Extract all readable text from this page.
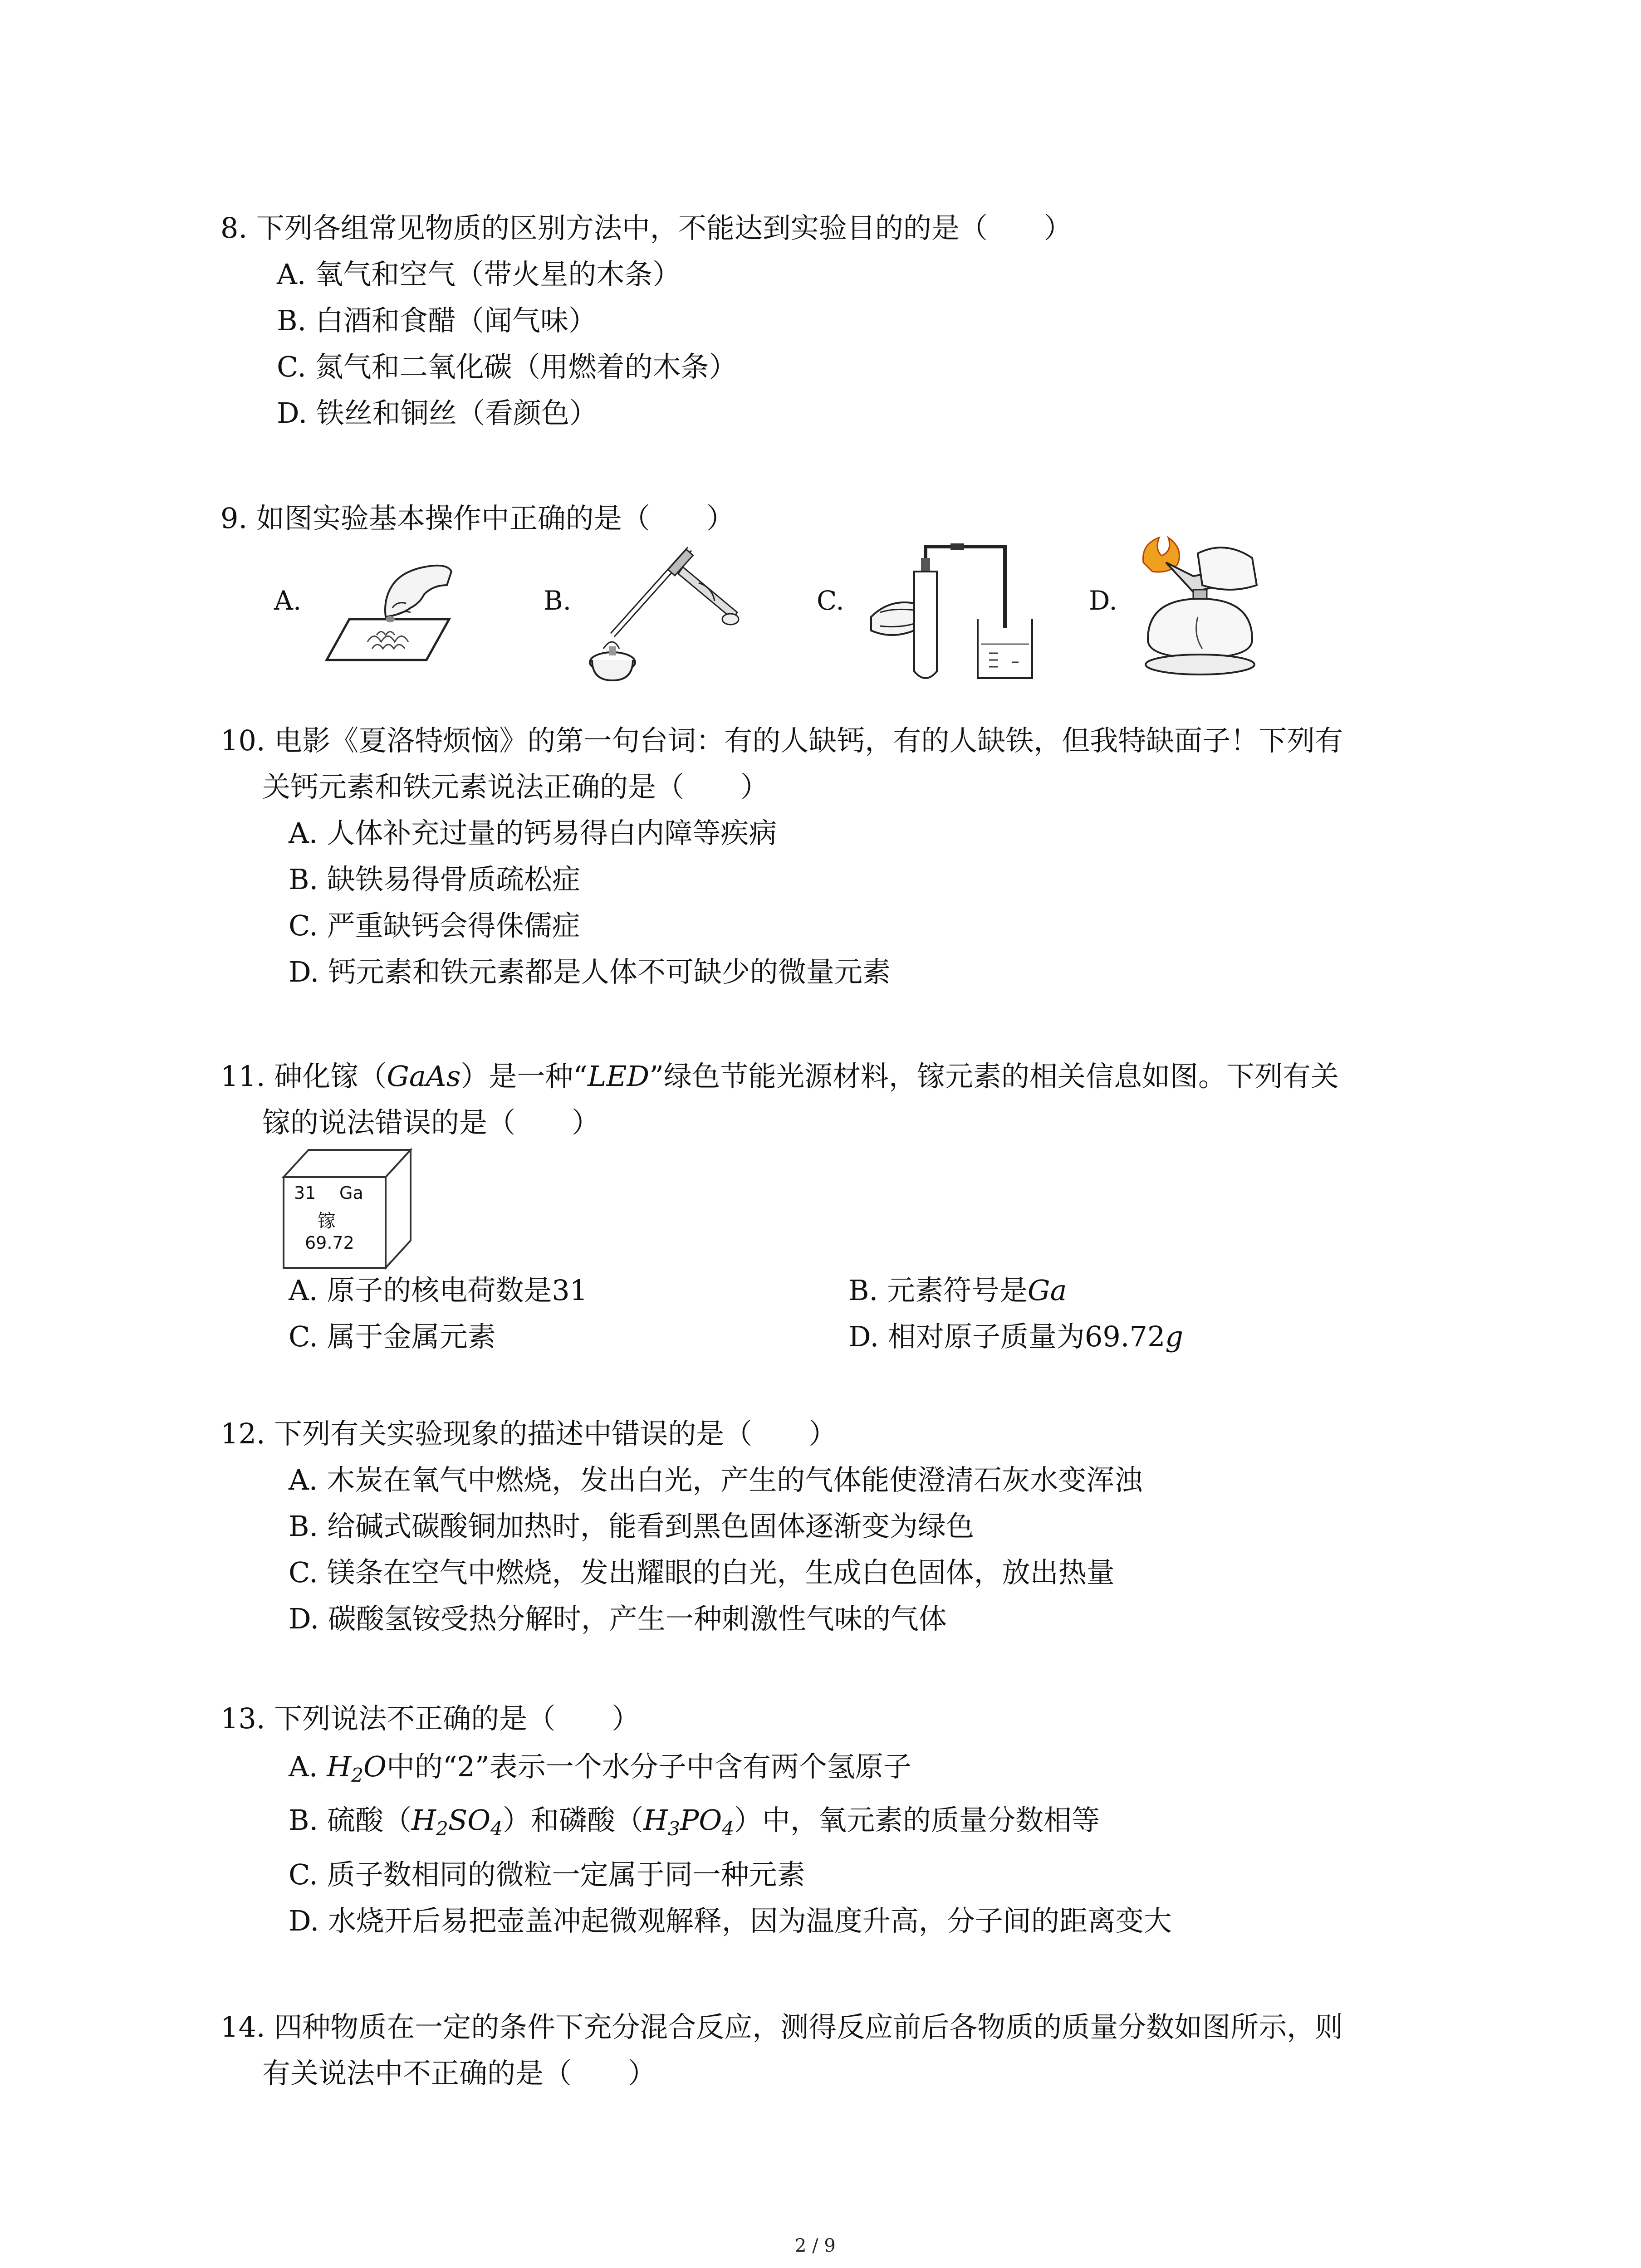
8. 下列各组常见物质的区别方法中，不能达到实验目的的是（　　）
A. 氧气和空气（带火星的木条）
B. 白酒和食醋（闻气味）
C. 氮气和二氧化碳（用燃着的木条）
D. 铁丝和铜丝（看颜色）
9. 如图实验基本操作中正确的是（　　）
A.	B.	C.	D.
10. 电影《夏洛特烦恼》的第一句台词：有的人缺钙，有的人缺铁，但我特缺面子！下列有
关钙元素和铁元素说法正确的是（　　）
A. 人体补充过量的钙易得白内障等疾病
B. 缺铁易得骨质疏松症
C. 严重缺钙会得侏儒症
D. 钙元素和铁元素都是人体不可缺少的微量元素
11. 砷化镓（GaAs）是一种“LED”绿色节能光源材料，镓元素的相关信息如图。下列有关
镓的说法错误的是（　　）
31 Ga
镓
69.72
A. 原子的核电荷数是31	B. 元素符号是Ga
C. 属于金属元素	D. 相对原子质量为69.72g
12. 下列有关实验现象的描述中错误的是（　　）
A. 木炭在氧气中燃烧，发出白光，产生的气体能使澄清石灰水变浑浊
B. 给碱式碳酸铜加热时，能看到黑色固体逐渐变为绿色
C. 镁条在空气中燃烧，发出耀眼的白光，生成白色固体，放出热量
D. 碳酸氢铵受热分解时，产生一种刺激性气味的气体
13. 下列说法不正确的是（　　）
A. $H_2O$中的“2”表示一个水分子中含有两个氢原子
B. 硫酸$(H_2SO_4)$和磷酸$(H_3PO_4)$中，氧元素的质量分数相等
C. 质子数相同的微粒一定属于同一种元素
D. 水烧开后易把壶盖冲起微观解释，因为温度升高，分子间的距离变大
14. 四种物质在一定的条件下充分混合反应，测得反应前后各物质的质量分数如图所示，则
有关说法中不正确的是（　　）
2 / 9
